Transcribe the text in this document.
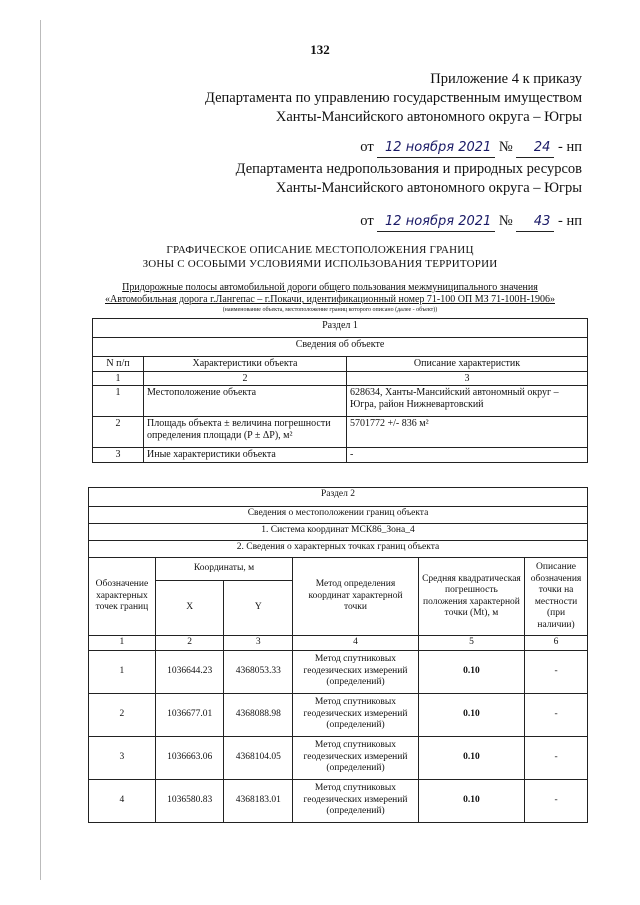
132
Приложение 4 к приказу
Департамента по управлению государственным имуществом
Ханты-Мансийского автономного округа – Югры
от 12 ноября 2021 № 24 - нп
Департамента недропользования и природных ресурсов
Ханты-Мансийского автономного округа – Югры
от 12 ноября 2021 № 43 - нп
ГРАФИЧЕСКОЕ ОПИСАНИЕ МЕСТОПОЛОЖЕНИЯ ГРАНИЦ
ЗОНЫ С ОСОБЫМИ УСЛОВИЯМИ ИСПОЛЬЗОВАНИЯ ТЕРРИТОРИИ
Придорожные полосы автомобильной дороги общего пользования межмуниципального значения
«Автомобильная дорога г.Лангепас – г.Покачи, идентификационный номер 71-100 ОП МЗ 71-100Н-1906»
(наименование объекта, местоположение границ которого описано (далее - объект))
Раздел 1		
Сведения об объекте		
N п/п	Характеристики объекта	Описание характеристик
1	2	3
1	Местоположение объекта	628634, Ханты-Мансийский автономный округ – Югра, район Нижневартовский
2	Площадь объекта ± величина погрешности определения площади (P ± ΔP), м²	5701772 +/- 836 м²
3	Иные характеристики объекта	-
Раздел 2					
Сведения о местоположении границ объекта					
1. Система координат МСК86_Зона_4					
2. Сведения о характерных точках границ объекта					
Обозначение характерных точек границ	Координаты, м		Метод определения координат характерной точки	Средняя квадратическая погрешность положения характерной точки (Mt), м	Описание обозначения точки на местности (при наличии)
	X	Y			
1	2	3	4	5	6
1	1036644.23	4368053.33	Метод спутниковых геодезических измерений (определений)	0.10	-
2	1036677.01	4368088.98	Метод спутниковых геодезических измерений (определений)	0.10	-
3	1036663.06	4368104.05	Метод спутниковых геодезических измерений (определений)	0.10	-
4	1036580.83	4368183.01	Метод спутниковых геодезических измерений (определений)	0.10	-
